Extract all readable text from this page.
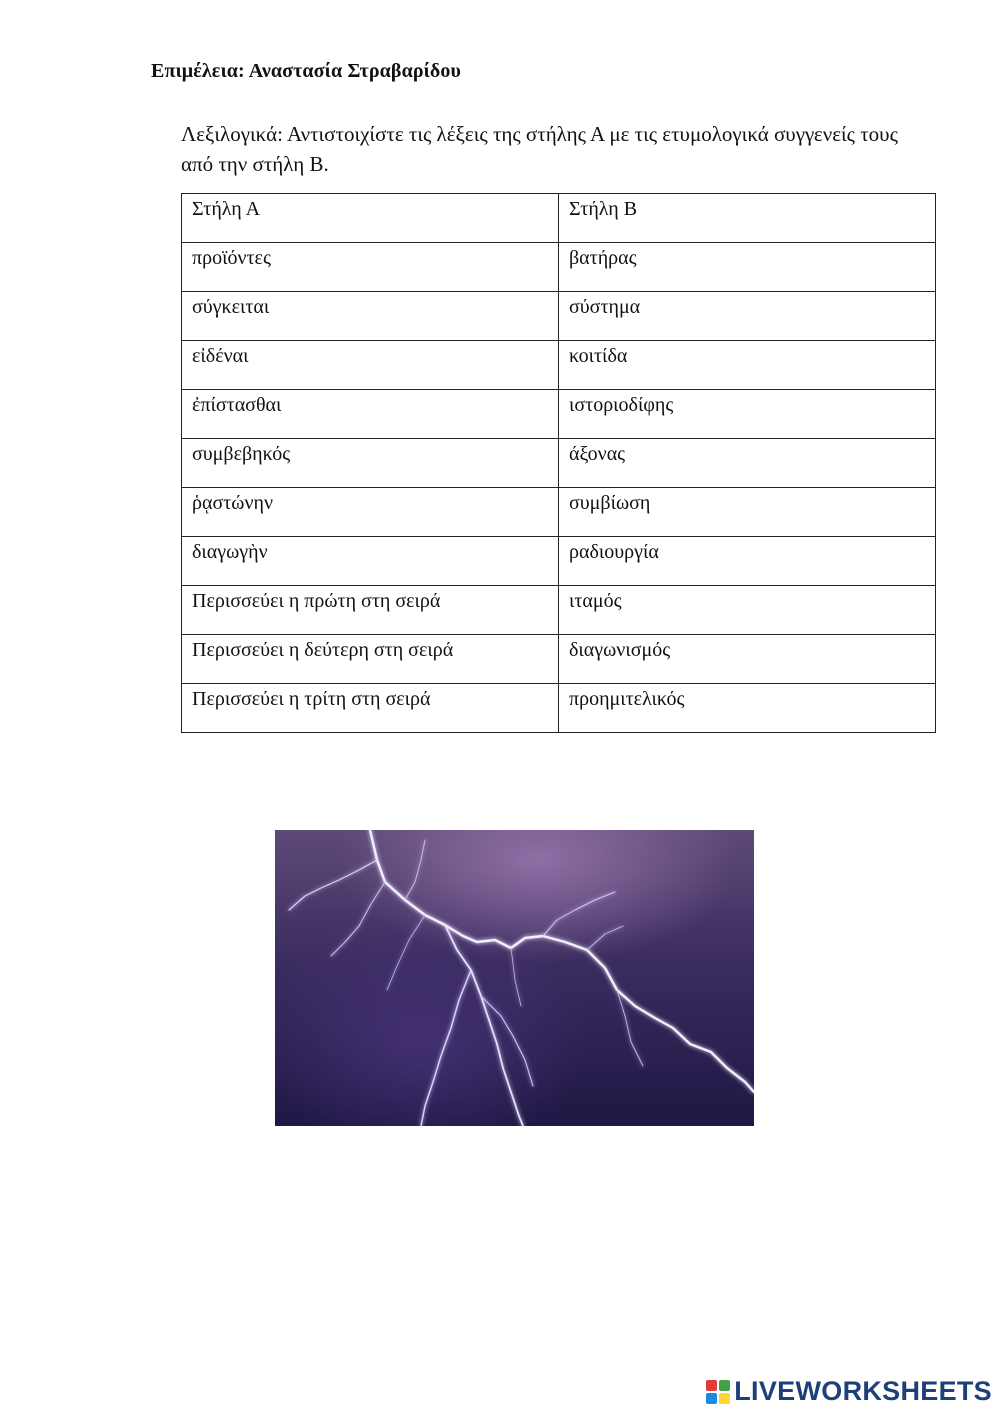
Επιμέλεια: Αναστασία Στραβαρίδου
Λεξιλογικά: Αντιστοιχίστε τις λέξεις της στήλης Α με τις ετυμολογικά συγγενείς τους από την στήλη Β.
Στήλη Α	Στήλη Β
προϊόντες	βατήρας
σύγκειται	σύστημα
εἰδέναι	κοιτίδα
ἐπίστασθαι	ιστοριοδίφης
συμβεβηκός	άξονας
ῥᾳστώνην	συμβίωση
διαγωγὴν	ραδιουργία
Περισσεύει η πρώτη στη σειρά	ιταμός
Περισσεύει η δεύτερη στη σειρά	διαγωνισμός
Περισσεύει η τρίτη στη σειρά	προημιτελικός
LIVEWORKSHEETS
